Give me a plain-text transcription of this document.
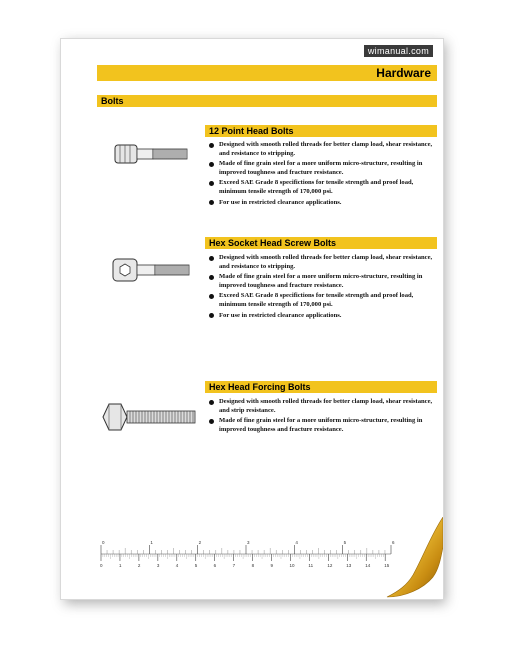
wimanual.com
Hardware
Bolts
12 Point Head Bolts
Designed with smooth rolled threads for better clamp load, shear resistance, and resistance to stripping.
Made of fine grain steel for a more uniform micro-structure, resulting in improved toughness and fracture resistance.
Exceed SAE Grade 8 specifictions for tensile strength and proof load, minimum tensile strength of 170,000 psi.
For use in restricted clearance applications.
Hex Socket Head Screw Bolts
Designed with smooth rolled threads for better clamp load, shear resistance, and resistance to stripping.
Made of fine grain steel for a more uniform micro-structure, resulting in improved toughness and fracture resistance.
Exceed SAE Grade 8 specifictions for tensile strength and proof load, minimum tensile strength of 170,000 psi.
For use in restricted clearance applications.
Hex Head Forcing Bolts
Designed with smooth rolled threads for better clamp load, shear resistance, and strip resistance.
Made of fine grain steel for a more uniform micro-structure, resulting in improved toughness and fracture resistance.
0	1	2	3	4	5	6
0	1	2	3	4	5	6	7	8	9	10	11	12	13	14	15
